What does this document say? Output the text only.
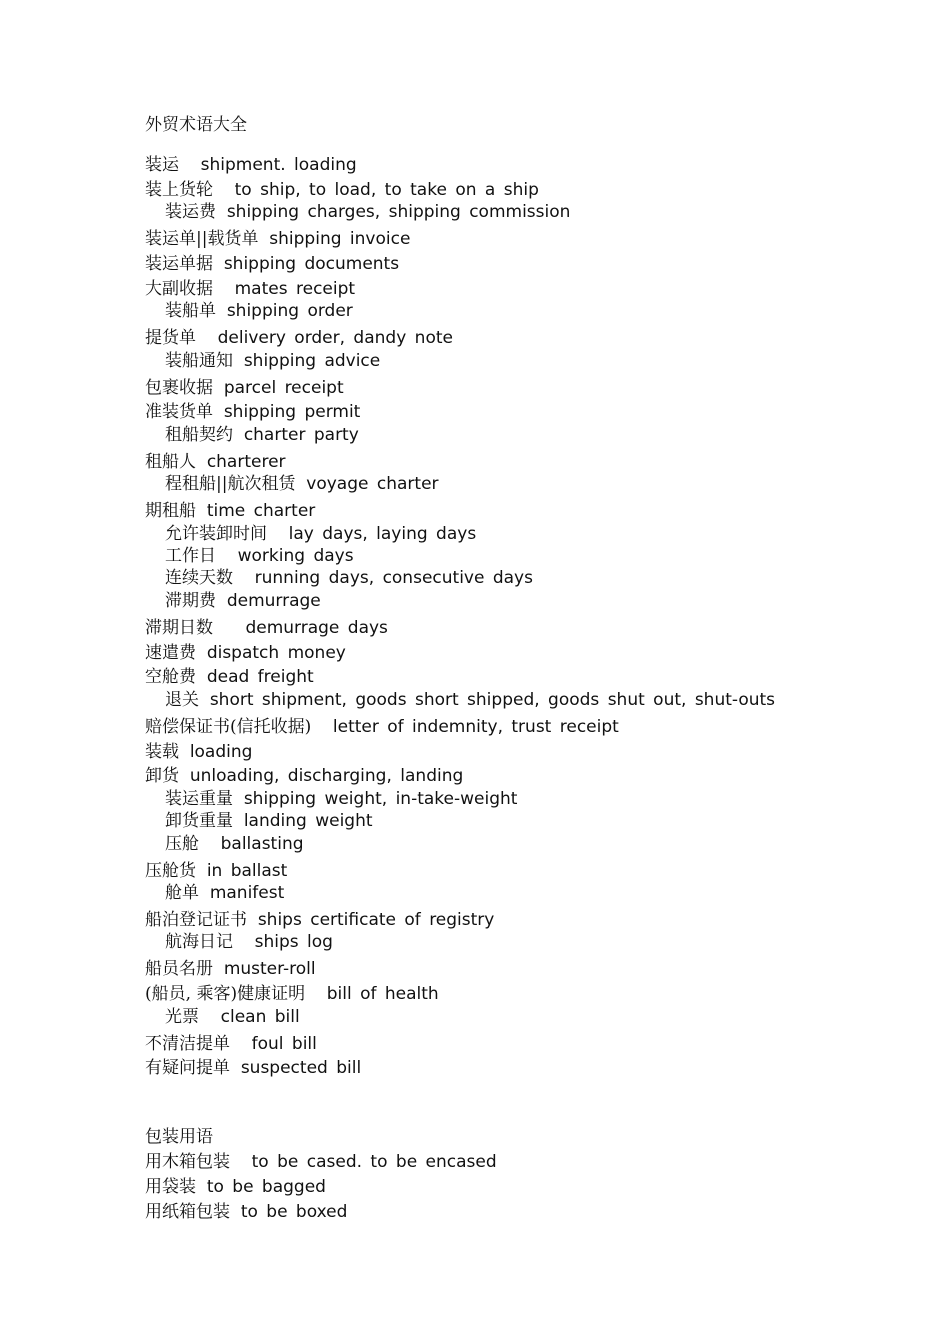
外贸术语大全
装运 shipment. loading
装上货轮 to ship, to load, to take on a ship
装运费 shipping charges, shipping commission
装运单||载货单 shipping invoice
装运单据 shipping documents
大副收据 mates receipt
装船单 shipping order
提货单 delivery order, dandy note
装船通知 shipping advice
包裹收据 parcel receipt
准装货单 shipping permit
租船契约 charter party
租船人 charterer
程租船||航次租赁 voyage charter
期租船 time charter
允许装卸时间 lay days, laying days
工作日 working days
连续天数 running days, consecutive days
滞期费 demurrage
滞期日数 demurrage days
速遣费 dispatch money
空舱费 dead freight
退关 short shipment, goods short shipped, goods shut out, shut-outs
赔偿保证书(信托收据) letter of indemnity, trust receipt
装载 loading
卸货 unloading, discharging, landing
装运重量 shipping weight, in-take-weight
卸货重量 landing weight
压舱 ballasting
压舱货 in ballast
舱单 manifest
船泊登记证书 ships certificate of registry
航海日记 ships log
船员名册 muster-roll
(船员, 乘客)健康证明 bill of health
光票 clean bill
不清洁提单 foul bill
有疑问提单 suspected bill
包装用语
用木箱包装 to be cased. to be encased
用袋装 to be bagged
用纸箱包装 to be boxed
